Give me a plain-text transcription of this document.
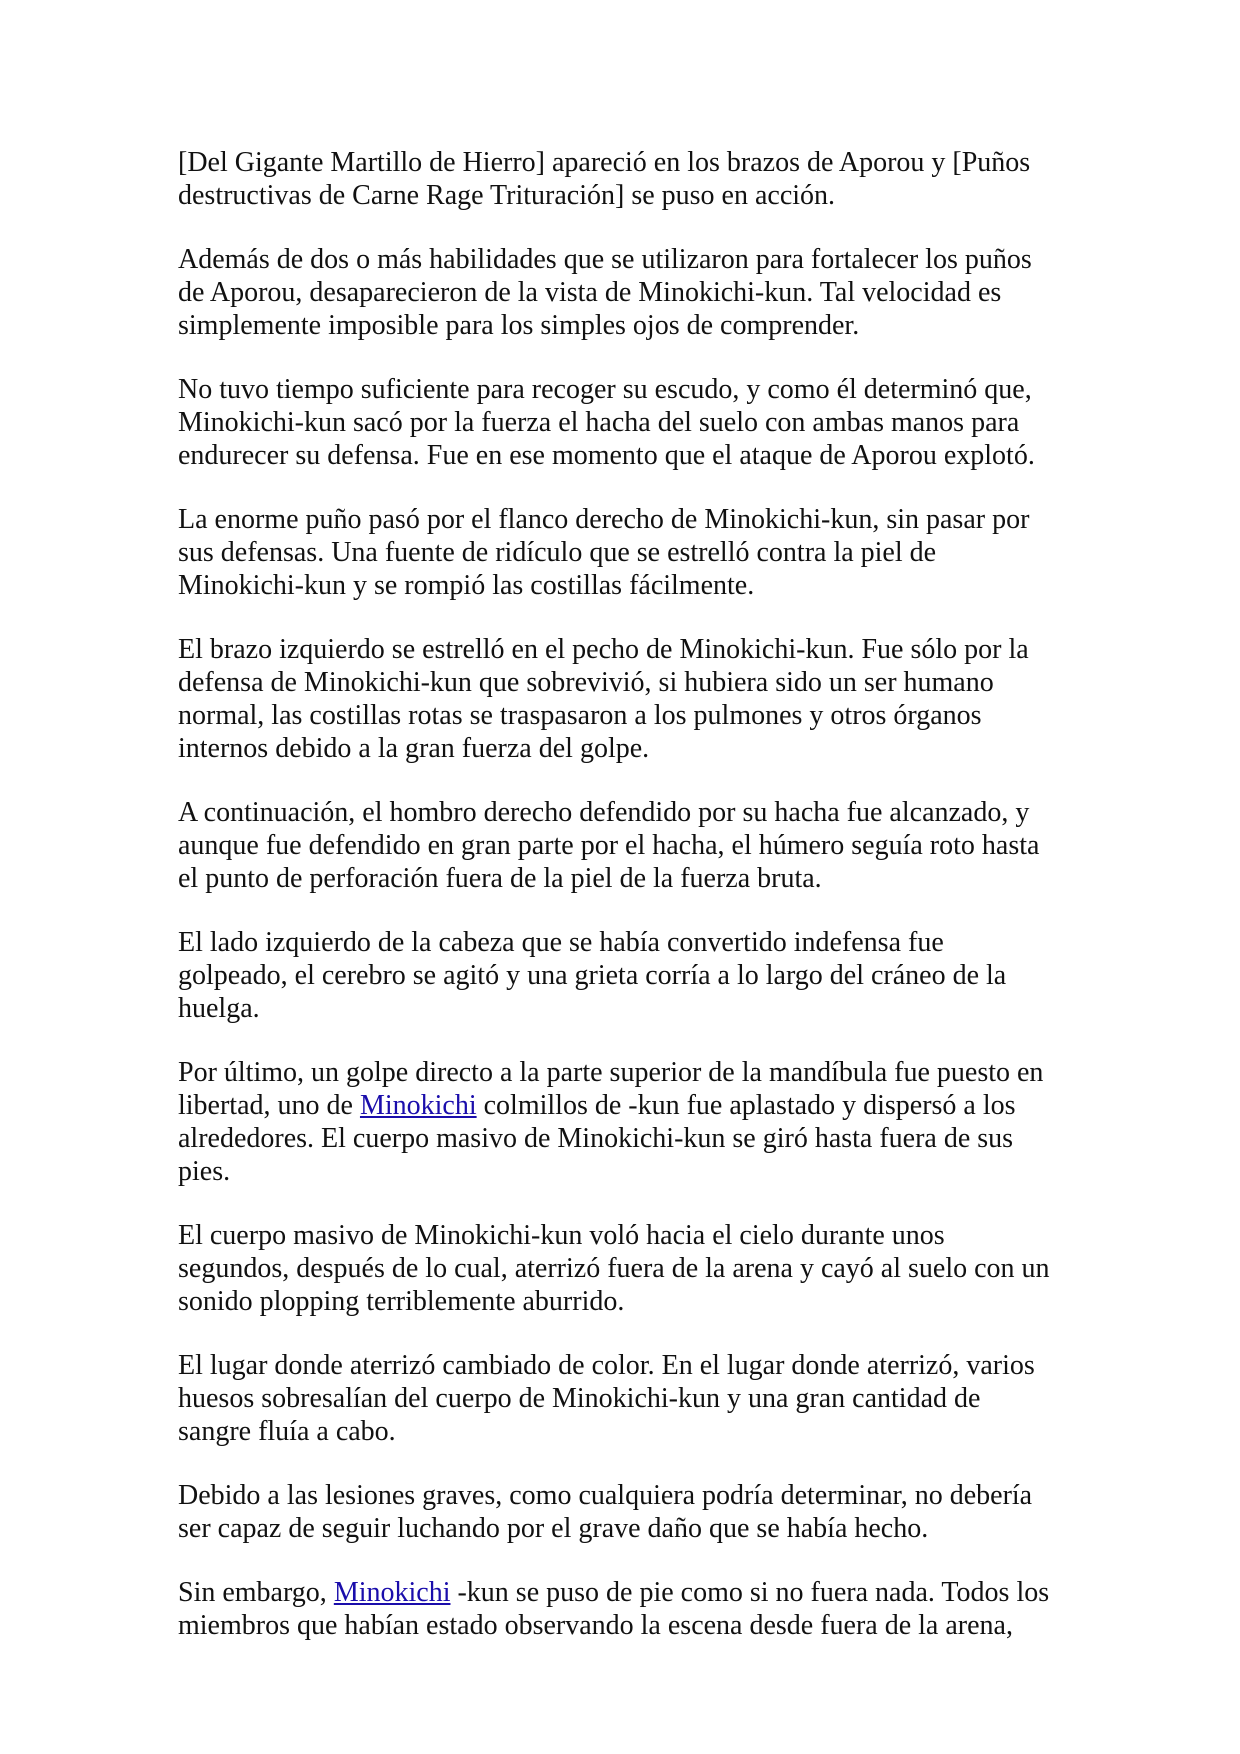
[Del Gigante Martillo de Hierro] apareció en los brazos de Aporou y [Puños
destructivas de Carne Rage Trituración] se puso en acción.

Además de dos o más habilidades que se utilizaron para fortalecer los puños
de Aporou, desaparecieron de la vista de Minokichi-kun. Tal velocidad es
simplemente imposible para los simples ojos de comprender.

No tuvo tiempo suficiente para recoger su escudo, y como él determinó que,
Minokichi-kun sacó por la fuerza el hacha del suelo con ambas manos para
endurecer su defensa. Fue en ese momento que el ataque de Aporou explotó.

La enorme puño pasó por el flanco derecho de Minokichi-kun, sin pasar por
sus defensas. Una fuente de ridículo que se estrelló contra la piel de
Minokichi-kun y se rompió las costillas fácilmente.

El brazo izquierdo se estrelló en el pecho de Minokichi-kun. Fue sólo por la
defensa de Minokichi-kun que sobrevivió, si hubiera sido un ser humano
normal, las costillas rotas se traspasaron a los pulmones y otros órganos
internos debido a la gran fuerza del golpe.

A continuación, el hombro derecho defendido por su hacha fue alcanzado, y
aunque fue defendido en gran parte por el hacha, el húmero seguía roto hasta
el punto de perforación fuera de la piel de la fuerza bruta.

El lado izquierdo de la cabeza que se había convertido indefensa fue
golpeado, el cerebro se agitó y una grieta corría a lo largo del cráneo de la
huelga.

Por último, un golpe directo a la parte superior de la mandíbula fue puesto en
libertad, uno de Minokichi colmillos de -kun fue aplastado y dispersó a los
alrededores. El cuerpo masivo de Minokichi-kun se giró hasta fuera de sus
pies.

El cuerpo masivo de Minokichi-kun voló hacia el cielo durante unos
segundos, después de lo cual, aterrizó fuera de la arena y cayó al suelo con un
sonido plopping terriblemente aburrido.

El lugar donde aterrizó cambiado de color. En el lugar donde aterrizó, varios
huesos sobresalían del cuerpo de Minokichi-kun y una gran cantidad de
sangre fluía a cabo.

Debido a las lesiones graves, como cualquiera podría determinar, no debería
ser capaz de seguir luchando por el grave daño que se había hecho.

Sin embargo, Minokichi -kun se puso de pie como si no fuera nada. Todos los
miembros que habían estado observando la escena desde fuera de la arena,
